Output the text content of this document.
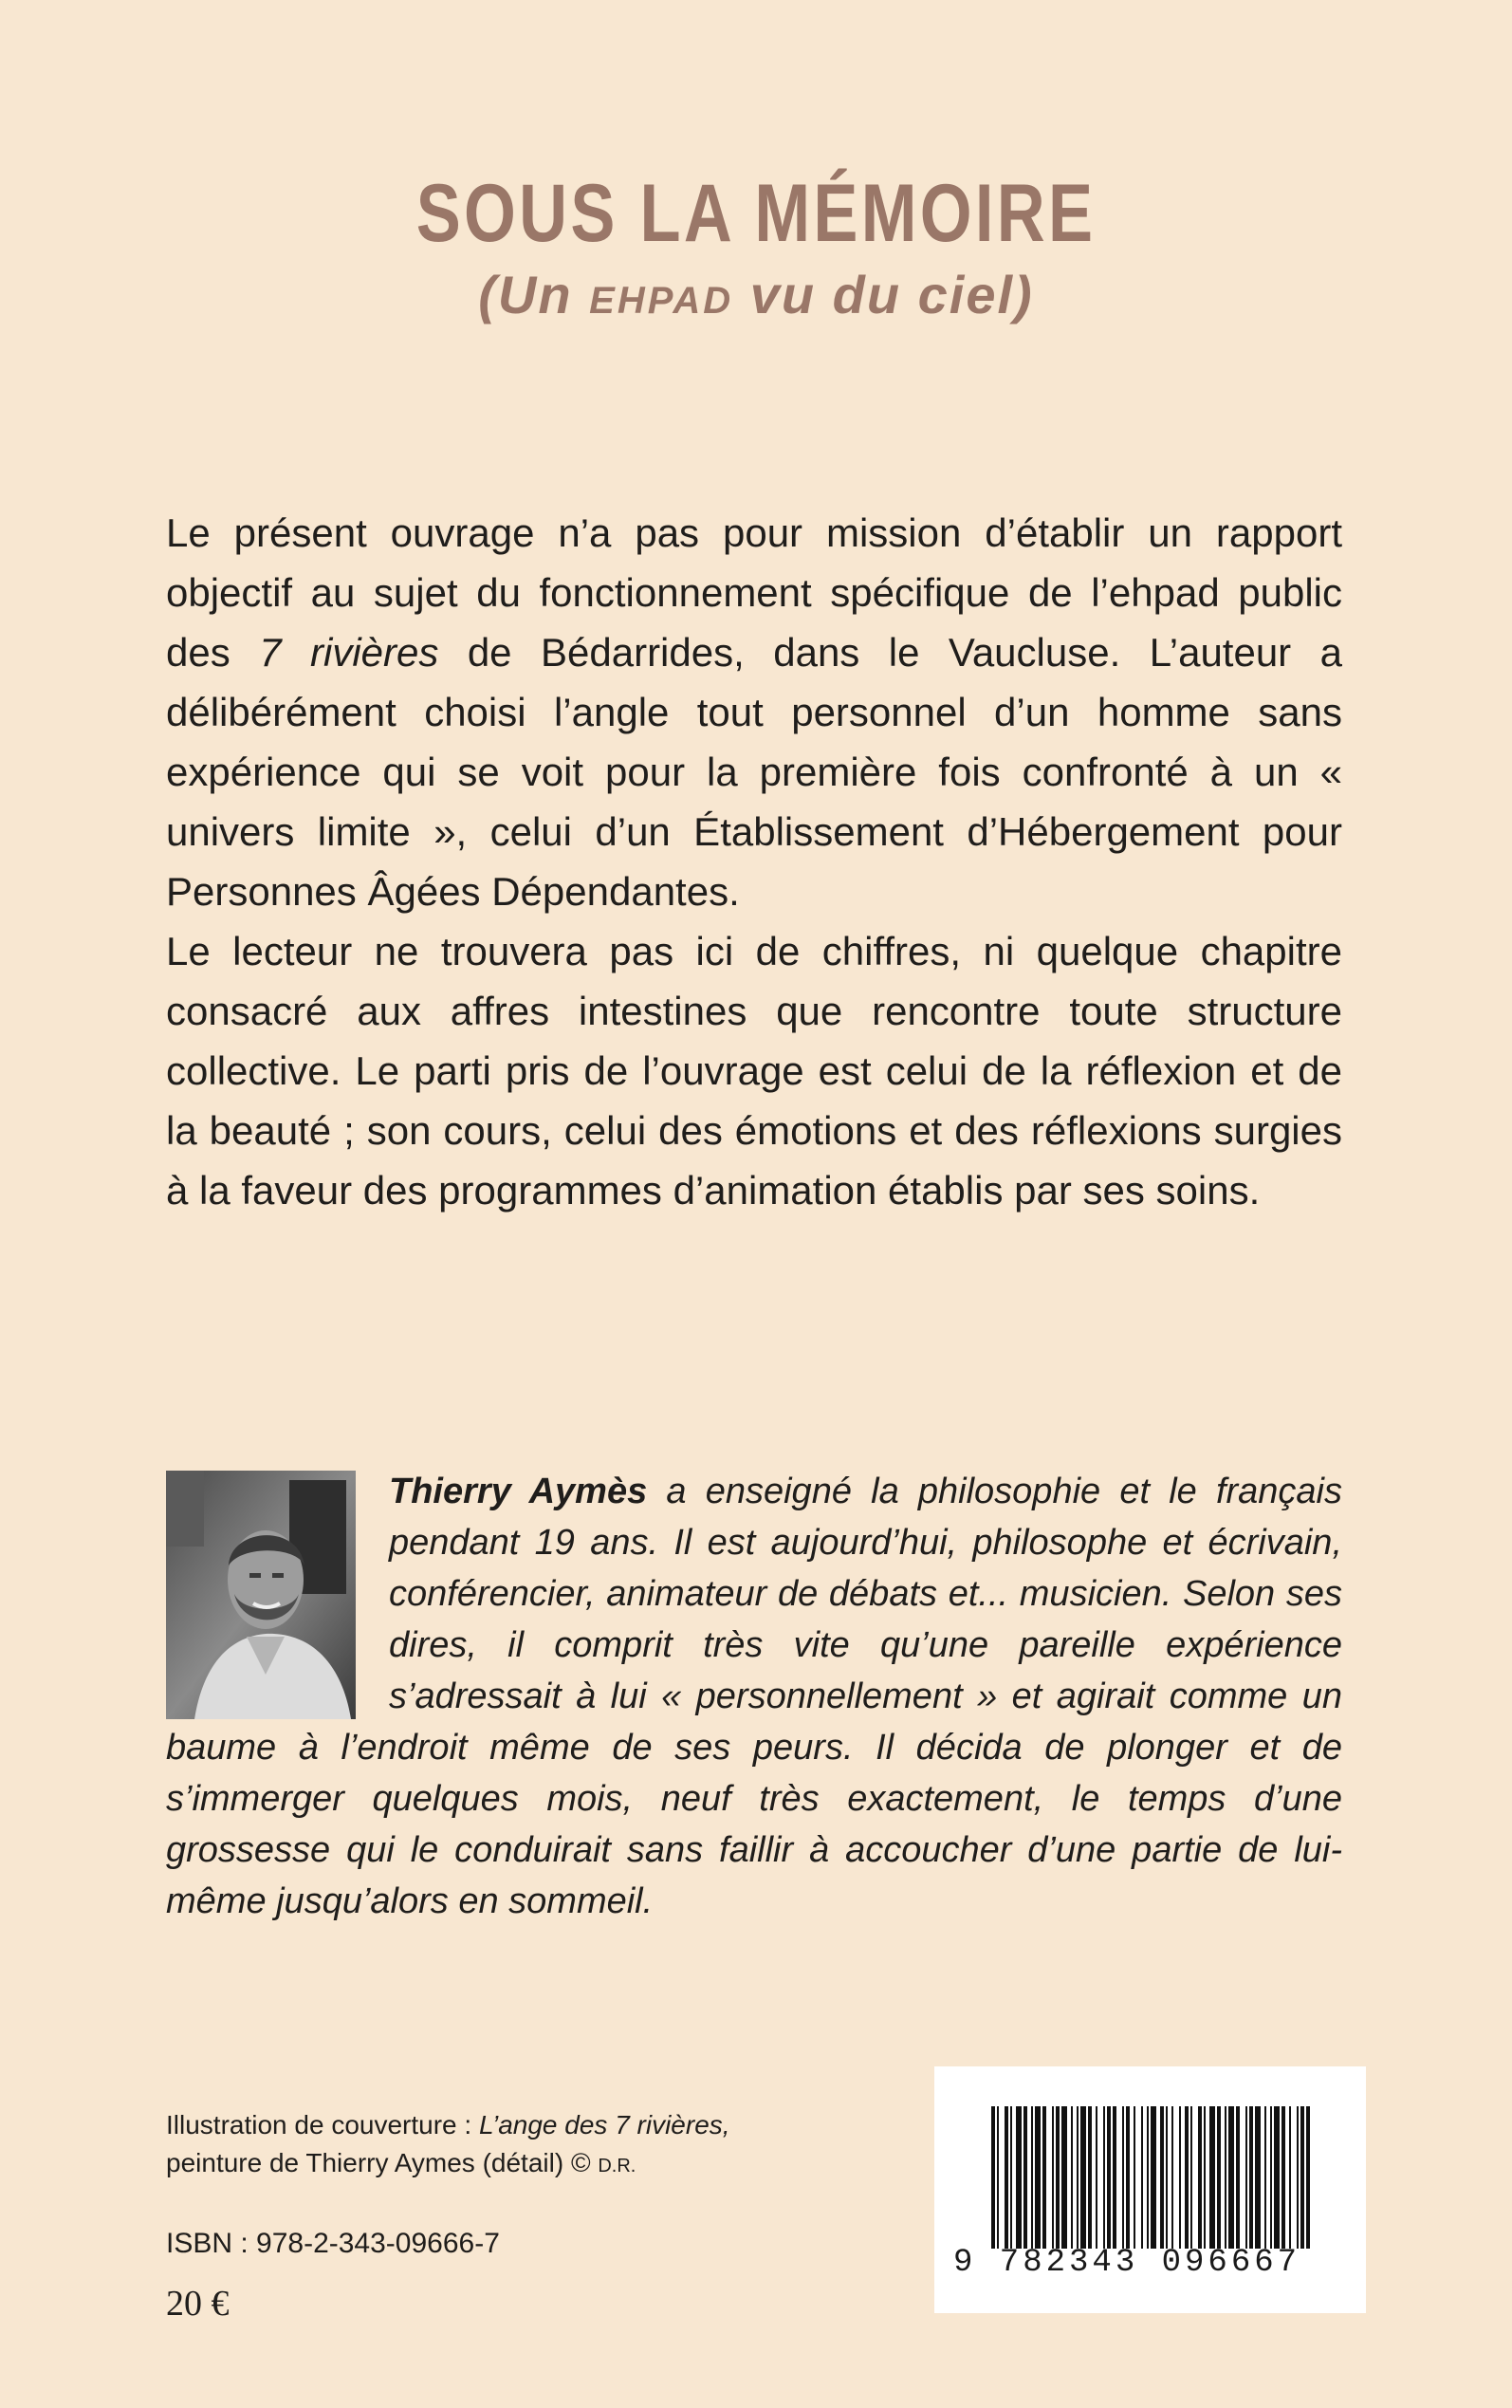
SOUS LA MÉMOIRE
(Un EHPAD vu du ciel)

Le présent ouvrage n’a pas pour mission d’établir un rapport objectif au sujet du fonctionnement spécifique de l’ehpad public des 7 rivières de Bédarrides, dans le Vaucluse. L’auteur a délibérément choisi l’angle tout personnel d’un homme sans expérience qui se voit pour la première fois confronté à un « univers limite », celui d’un Établissement d’Hébergement pour Personnes Âgées Dépendantes.

Le lecteur ne trouvera pas ici de chiffres, ni quelque chapitre consacré aux affres intestines que rencontre toute structure collective. Le parti pris de l’ouvrage est celui de la réflexion et de la beauté ; son cours, celui des émotions et des réflexions surgies à la faveur des programmes d’animation établis par ses soins.

Thierry Aymès a enseigné la philosophie et le français pendant 19 ans. Il est aujourd’hui, philosophe et écrivain, conférencier, animateur de débats et... musicien. Selon ses dires, il comprit très vite qu’une pareille expérience s’adressait à lui « personnellement » et agirait comme un baume à l’endroit même de ses peurs. Il décida de plonger et de s’immerger quelques mois, neuf très exactement, le temps d’une grossesse qui le conduirait sans faillir à accoucher d’une partie de lui-même jusqu’alors en sommeil.
Illustration de couverture : L’ange des 7 rivières,
peinture de Thierry Aymes (détail) © D.R.
ISBN : 978-2-343-09666-7
20 €
9 782343 096667
